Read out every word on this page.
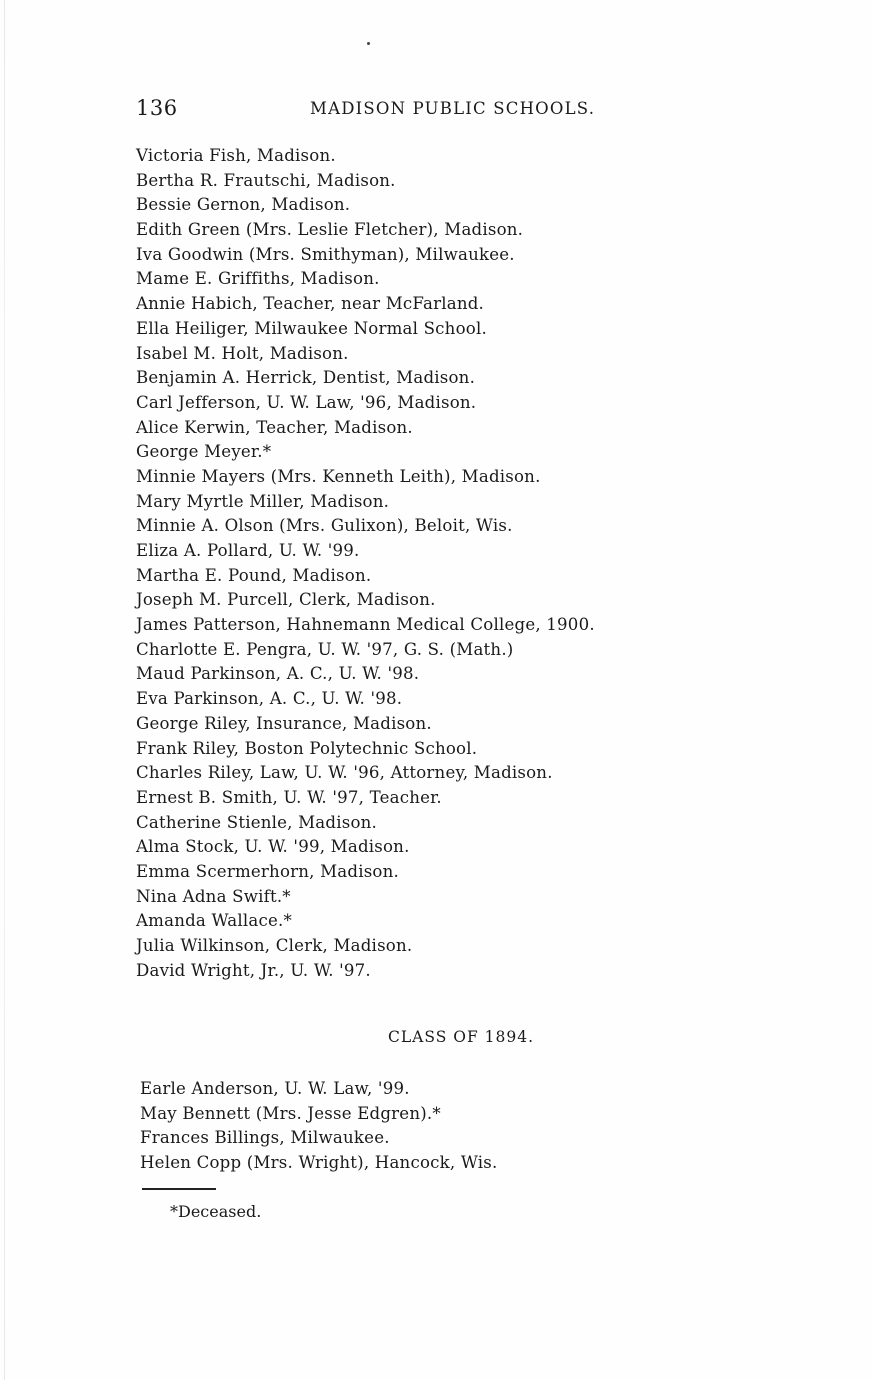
136	MADISON PUBLIC SCHOOLS.
Victoria Fish, Madison.
Bertha R. Frautschi, Madison.
Bessie Gernon, Madison.
Edith Green (Mrs. Leslie Fletcher), Madison.
Iva Goodwin (Mrs. Smithyman), Milwaukee.
Mame E. Griffiths, Madison.
Annie Habich, Teacher, near McFarland.
Ella Heiliger, Milwaukee Normal School.
Isabel M. Holt, Madison.
Benjamin A. Herrick, Dentist, Madison.
Carl Jefferson, U. W. Law, '96, Madison.
Alice Kerwin, Teacher, Madison.
George Meyer.*
Minnie Mayers (Mrs. Kenneth Leith), Madison.
Mary Myrtle Miller, Madison.
Minnie A. Olson (Mrs. Gulixon), Beloit, Wis.
Eliza A. Pollard, U. W. '99.
Martha E. Pound, Madison.
Joseph M. Purcell, Clerk, Madison.
James Patterson, Hahnemann Medical College, 1900.
Charlotte E. Pengra, U. W. '97, G. S. (Math.)
Maud Parkinson, A. C., U. W. '98.
Eva Parkinson, A. C., U. W. '98.
George Riley, Insurance, Madison.
Frank Riley, Boston Polytechnic School.
Charles Riley, Law, U. W. '96, Attorney, Madison.
Ernest B. Smith, U. W. '97, Teacher.
Catherine Stienle, Madison.
Alma Stock, U. W. '99, Madison.
Emma Scermerhorn, Madison.
Nina Adna Swift.*
Amanda Wallace.*
Julia Wilkinson, Clerk, Madison.
David Wright, Jr., U. W. '97.
CLASS OF 1894.
Earle Anderson, U. W. Law, '99.
May Bennett (Mrs. Jesse Edgren).*
Frances Billings, Milwaukee.
Helen Copp (Mrs. Wright), Hancock, Wis.
*Deceased.
